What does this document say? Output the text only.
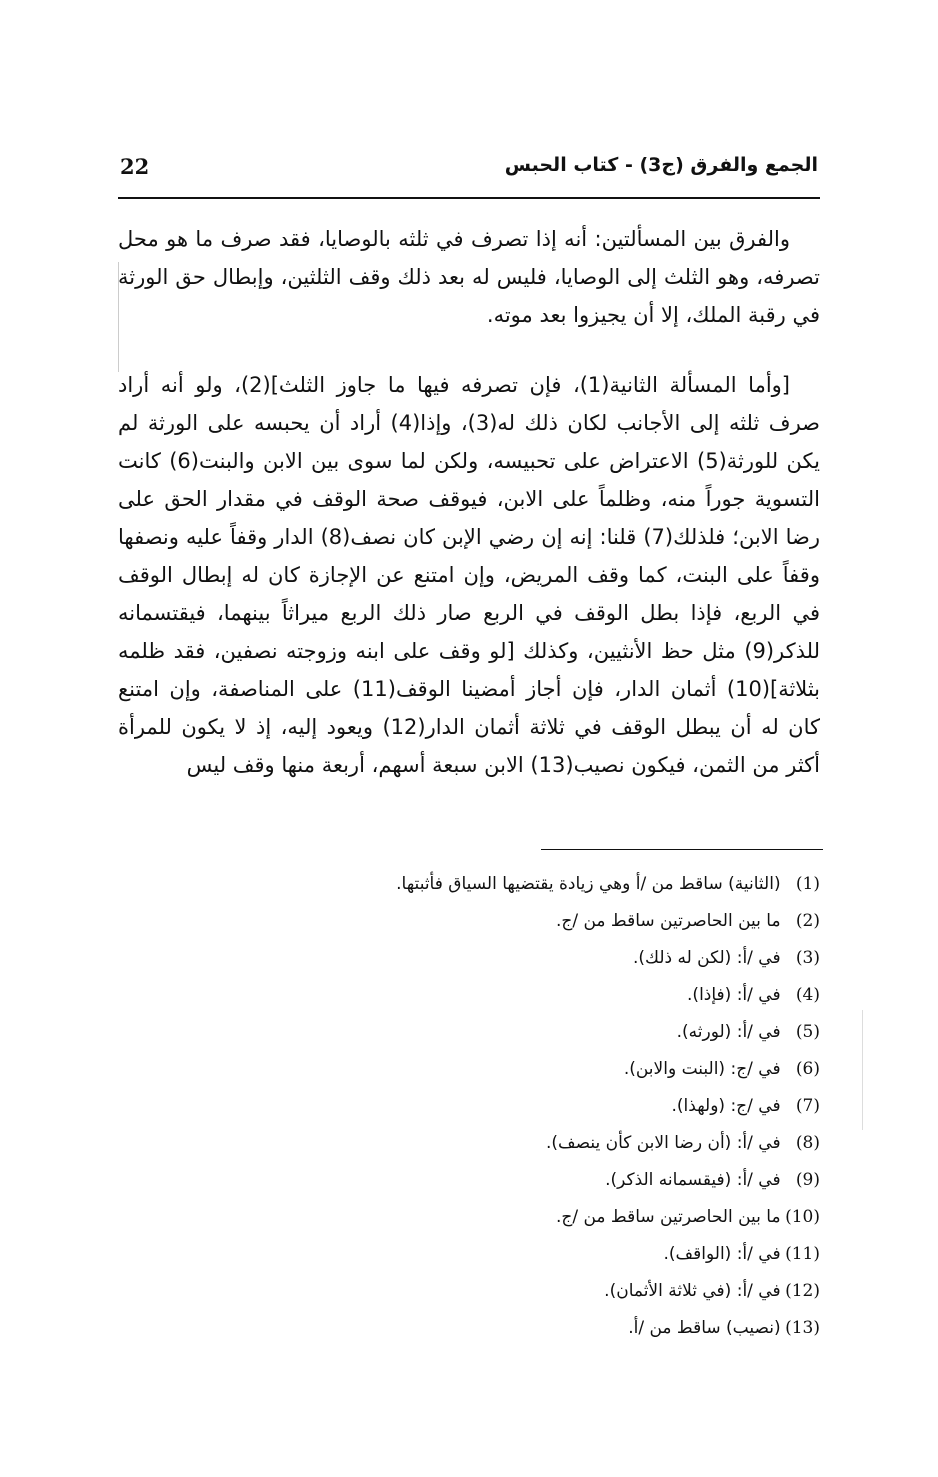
22	الجمع والفرق (ج3) - كتاب الحبس

والفرق بين المسألتين: أنه إذا تصرف في ثلثه بالوصايا، فقد صرف ما هو محل تصرفه، وهو الثلث إلى الوصايا، فليس له بعد ذلك وقف الثلثين، وإبطال حق الورثة في رقبة الملك، إلا أن يجيزوا بعد موته.

[وأما المسألة الثانية(1)، فإن تصرفه فيها ما جاوز الثلث](2)، ولو أنه أراد صرف ثلثه إلى الأجانب لكان ذلك له(3)، وإذا(4) أراد أن يحبسه على الورثة لم يكن للورثة(5) الاعتراض على تحبيسه، ولكن لما سوى بين الابن والبنت(6) كانت التسوية جوراً منه، وظلماً على الابن، فيوقف صحة الوقف في مقدار الحق على رضا الابن؛ فلذلك(7) قلنا: إنه إن رضي الإبن كان نصف(8) الدار وقفاً عليه ونصفها وقفاً على البنت، كما وقف المريض، وإن امتنع عن الإجازة كان له إبطال الوقف في الربع، فإذا بطل الوقف في الربع صار ذلك الربع ميراثاً بينهما، فيقتسمانه للذكر(9) مثل حظ الأنثيين، وكذلك [لو وقف على ابنه وزوجته نصفين، فقد ظلمه بثلاثة](10) أثمان الدار، فإن أجاز أمضينا الوقف(11) على المناصفة، وإن امتنع كان له أن يبطل الوقف في ثلاثة أثمان الدار(12) ويعود إليه، إذ لا يكون للمرأة أكثر من الثمن، فيكون نصيب(13) الابن سبعة أسهم، أربعة منها وقف ليس

(1) (الثانية) ساقط من /أ وهي زيادة يقتضيها السياق فأثبتها.
(2) ما بين الحاصرتين ساقط من /ج.
(3) في /أ: (لكن له ذلك).
(4) في /أ: (فإذا).
(5) في /أ: (لورثه).
(6) في /ج: (البنت والابن).
(7) في /ج: (ولهذا).
(8) في /أ: (أن رضا الابن كأن ينصف).
(9) في /أ: (فيقسمانه الذكر).
(10) ما بين الحاصرتين ساقط من /ج.
(11) في /أ: (الواقف).
(12) في /أ: (في ثلاثة الأثمان).
(13) (نصيب) ساقط من /أ.
